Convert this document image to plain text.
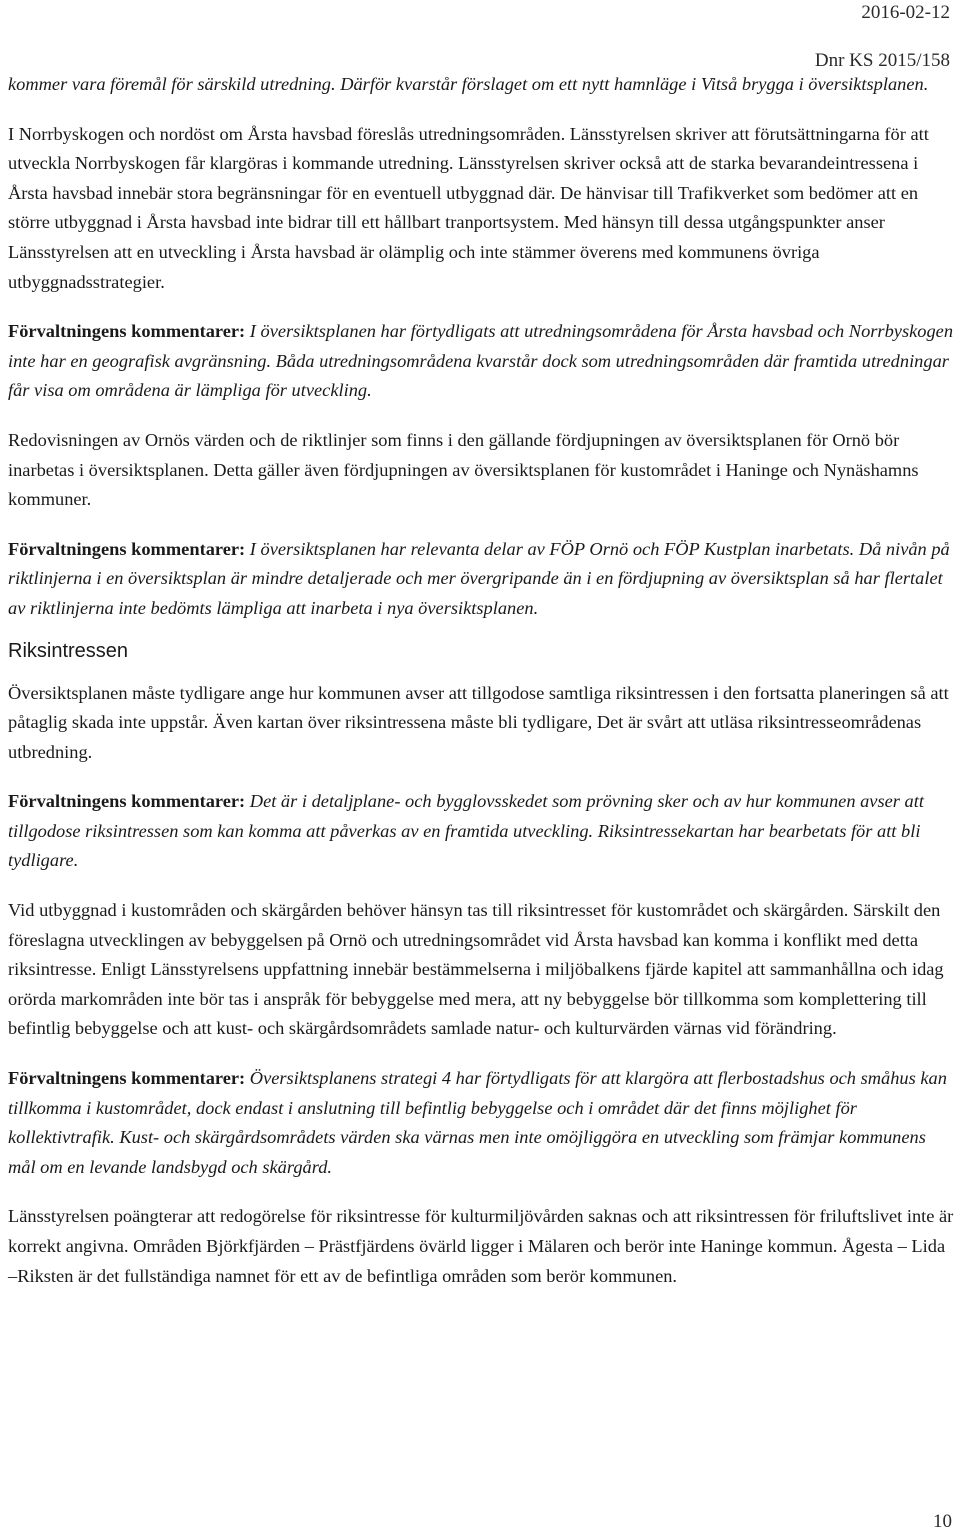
2016-02-12
Dnr KS 2015/158

kommer vara föremål för särskild utredning. Därför kvarstår förslaget om ett nytt hamnläge i Vitså brygga i översiktsplanen.

I Norrbyskogen och nordöst om Årsta havsbad föreslås utredningsområden. Länsstyrelsen skriver att förutsättningarna för att utveckla Norrbyskogen får klargöras i kommande utredning. Länsstyrelsen skriver också att de starka bevarandeintressena i Årsta havsbad innebär stora begränsningar för en eventuell utbyggnad där. De hänvisar till Trafikverket som bedömer att en större utbyggnad i Årsta havsbad inte bidrar till ett hållbart tranportsystem. Med hänsyn till dessa utgångspunkter anser Länsstyrelsen att en utveckling i Årsta havsbad är olämplig och inte stämmer överens med kommunens övriga utbyggnadsstrategier.

Förvaltningens kommentarer: I översiktsplanen har förtydligats att utredningsområdena för Årsta havsbad och Norrbyskogen inte har en geografisk avgränsning. Båda utredningsområdena kvarstår dock som utredningsområden där framtida utredningar får visa om områdena är lämpliga för utveckling.

Redovisningen av Ornös värden och de riktlinjer som finns i den gällande fördjupningen av översiktsplanen för Ornö bör inarbetas i översiktsplanen. Detta gäller även fördjupningen av översiktsplanen för kustområdet i Haninge och Nynäshamns kommuner.

Förvaltningens kommentarer: I översiktsplanen har relevanta delar av FÖP Ornö och FÖP Kustplan inarbetats. Då nivån på riktlinjerna i en översiktsplan är mindre detaljerade och mer övergripande än i en fördjupning av översiktsplan så har flertalet av riktlinjerna inte bedömts lämpliga att inarbeta i nya översiktsplanen.

Riksintressen

Översiktsplanen måste tydligare ange hur kommunen avser att tillgodose samtliga riksintressen i den fortsatta planeringen så att påtaglig skada inte uppstår. Även kartan över riksintressena måste bli tydligare, Det är svårt att utläsa riksintresseområdenas utbredning.

Förvaltningens kommentarer: Det är i detaljplane- och bygglovsskedet som prövning sker och av hur kommunen avser att tillgodose riksintressen som kan komma att påverkas av en framtida utveckling. Riksintressekartan har bearbetats för att bli tydligare.

Vid utbyggnad i kustområden och skärgården behöver hänsyn tas till riksintresset för kustområdet och skärgården. Särskilt den föreslagna utvecklingen av bebyggelsen på Ornö och utredningsområdet vid Årsta havsbad kan komma i konflikt med detta riksintresse. Enligt Länsstyrelsens uppfattning innebär bestämmelserna i miljöbalkens fjärde kapitel att sammanhållna och idag orörda markområden inte bör tas i anspråk för bebyggelse med mera, att ny bebyggelse bör tillkomma som komplettering till befintlig bebyggelse och att kust- och skärgårdsområdets samlade natur- och kulturvärden värnas vid förändring.

Förvaltningens kommentarer: Översiktsplanens strategi 4 har förtydligats för att klargöra att flerbostadshus och småhus kan tillkomma i kustområdet, dock endast i anslutning till befintlig bebyggelse och i området där det finns möjlighet för kollektivtrafik. Kust- och skärgårdsområdets värden ska värnas men inte omöjliggöra en utveckling som främjar kommunens mål om en levande landsbygd och skärgård.

Länsstyrelsen poängterar att redogörelse för riksintresse för kulturmiljövården saknas och att riksintressen för friluftslivet inte är korrekt angivna. Områden Björkfjärden – Prästfjärdens övärld ligger i Mälaren och berör inte Haninge kommun. Ågesta – Lida –Riksten är det fullständiga namnet för ett av de befintliga områden som berör kommunen.

10
